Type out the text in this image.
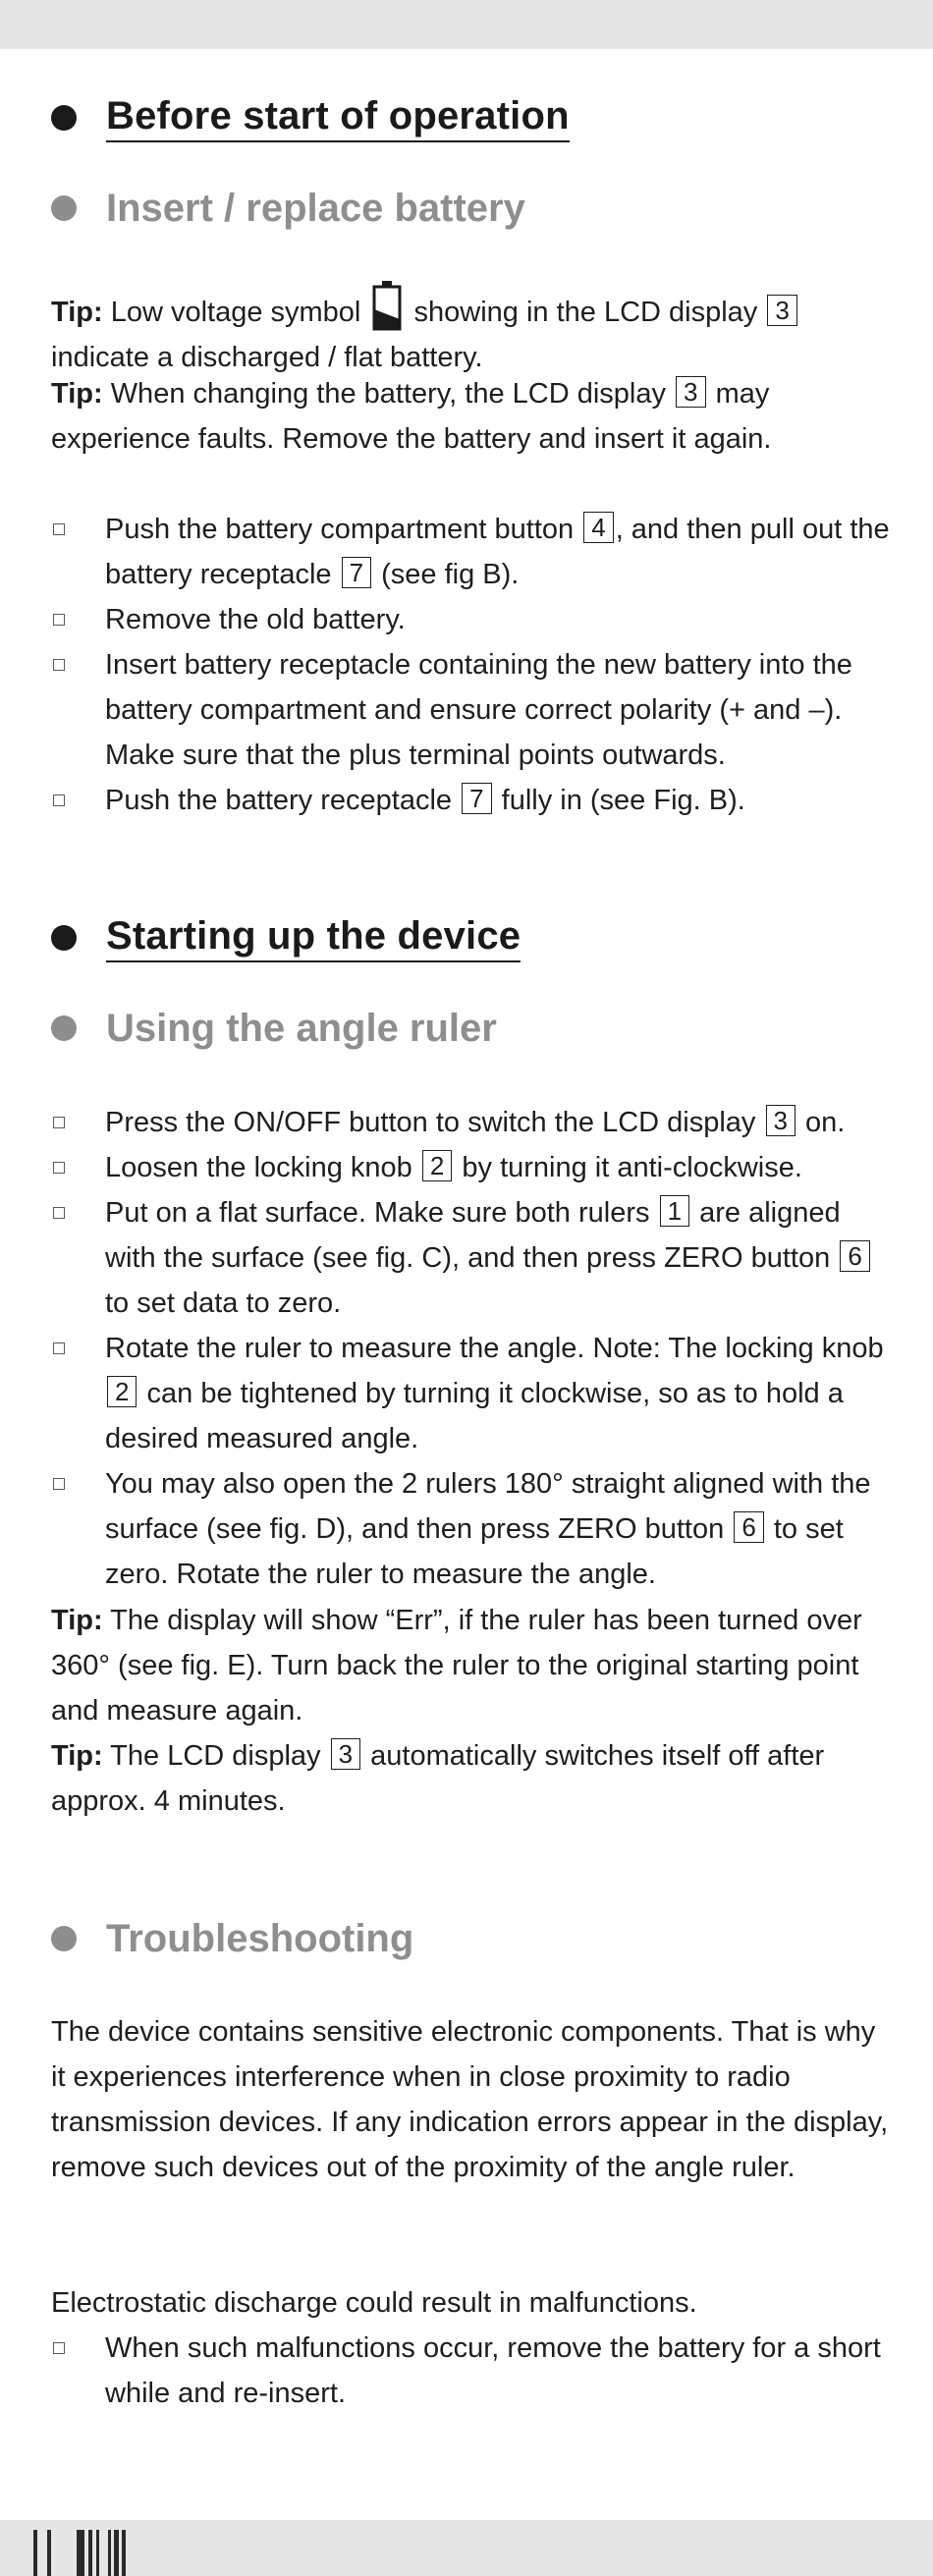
Before start of operation
Insert / replace battery
Tip: Low voltage symbol showing in the LCD display 3
indicate a discharged / flat battery.
Tip: When changing the battery, the LCD display 3 may experience faults. Remove the battery and insert it again.
Push the battery compartment button 4 , and then pull out the battery receptacle 7 (see fig B).
Remove the old battery.
Insert battery receptacle containing the new battery into the battery compartment and ensure correct polarity (+ and –). Make sure that the plus terminal points outwards.
Push the battery receptacle 7 fully in (see Fig. B).
Starting up the device
Using the angle ruler
Press the ON/OFF button to switch the LCD display 3 on.
Loosen the locking knob 2 by turning it anti-clockwise.
Put on a flat surface. Make sure both rulers 1 are aligned with the surface (see fig. C), and then press ZERO button 6 to set data to zero.
Rotate the ruler to measure the angle. Note: The locking knob 2 can be tightened by turning it clockwise, so as to hold a desired measured angle.
You may also open the 2 rulers 180° straight aligned with the surface (see fig. D), and then press ZERO button 6 to set zero. Rotate the ruler to measure the angle.
Tip: The display will show “Err”, if the ruler has been turned over 360° (see fig. E). Turn back the ruler to the original starting point and measure again.
Tip: The LCD display 3 automatically switches itself off after approx. 4 minutes.
Troubleshooting
The device contains sensitive electronic components. That is why it experiences interference when in close proximity to radio transmission devices. If any indication errors appear in the display, remove such devices out of the proximity of the angle ruler.
Electrostatic discharge could result in malfunctions.
When such malfunctions occur, remove the battery for a short while and re-insert.
